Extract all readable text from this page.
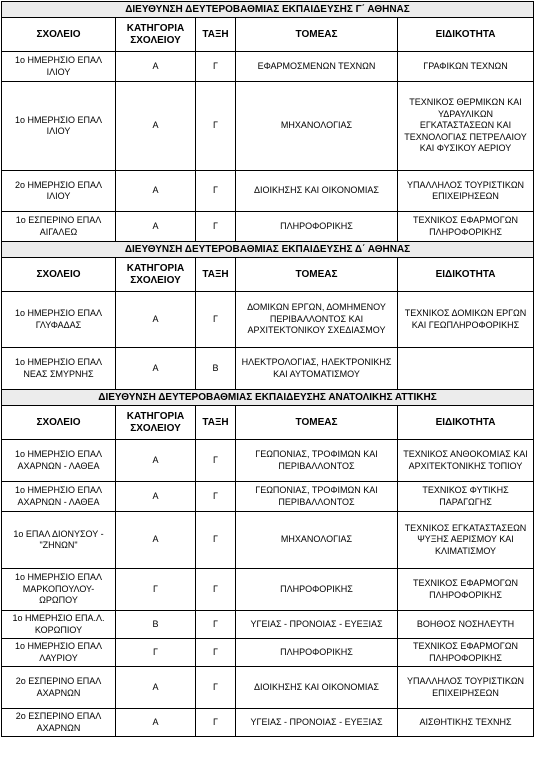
ΔΙΕΥΘΥΝΣΗ ΔΕΥΤΕΡΟΒΑΘΜΙΑΣ ΕΚΠΑΙΔΕΥΣΗΣ Γ΄ ΑΘΗΝΑΣ				
ΣΧΟΛΕΙΟ	ΚΑΤΗΓΟΡΙΑ ΣΧΟΛΕΙΟΥ	ΤΑΞΗ	ΤΟΜΕΑΣ	ΕΙΔΙΚΟΤΗΤΑ
1ο ΗΜΕΡΗΣΙΟ ΕΠΑΛ ΙΛΙΟΥ	Α	Γ	ΕΦΑΡΜΟΣΜΕΝΩΝ ΤΕΧΝΩΝ	ΓΡΑΦΙΚΩΝ ΤΕΧΝΩΝ
1ο ΗΜΕΡΗΣΙΟ ΕΠΑΛ ΙΛΙΟΥ	Α	Γ	ΜΗΧΑΝΟΛΟΓΙΑΣ	ΤΕΧΝΙΚΟΣ ΘΕΡΜΙΚΩΝ ΚΑΙ ΥΔΡΑΥΛΙΚΩΝ ΕΓΚΑΤΑΣΤΑΣΕΩΝ ΚΑΙ ΤΕΧΝΟΛΟΓΙΑΣ ΠΕΤΡΕΛΑΙΟΥ ΚΑΙ ΦΥΣΙΚΟΥ ΑΕΡΙΟΥ
2ο ΗΜΕΡΗΣΙΟ ΕΠΑΛ ΙΛΙΟΥ	Α	Γ	ΔΙΟΙΚΗΣΗΣ ΚΑΙ ΟΙΚΟΝΟΜΙΑΣ	ΥΠΑΛΛΗΛΟΣ ΤΟΥΡΙΣΤΙΚΩΝ ΕΠΙΧΕΙΡΗΣΕΩΝ
1ο ΕΣΠΕΡΙΝΟ ΕΠΑΛ ΑΙΓΑΛΕΩ	Α	Γ	ΠΛΗΡΟΦΟΡΙΚΗΣ	ΤΕΧΝΙΚΟΣ ΕΦΑΡΜΟΓΩΝ ΠΛΗΡΟΦΟΡΙΚΗΣ
ΔΙΕΥΘΥΝΣΗ ΔΕΥΤΕΡΟΒΑΘΜΙΑΣ ΕΚΠΑΙΔΕΥΣΗΣ Δ΄ ΑΘΗΝΑΣ				
ΣΧΟΛΕΙΟ	ΚΑΤΗΓΟΡΙΑ ΣΧΟΛΕΙΟΥ	ΤΑΞΗ	ΤΟΜΕΑΣ	ΕΙΔΙΚΟΤΗΤΑ
1ο ΗΜΕΡΗΣΙΟ ΕΠΑΛ ΓΛΥΦΑΔΑΣ	Α	Γ	ΔΟΜΙΚΩΝ ΕΡΓΩΝ, ΔΟΜΗΜΕΝΟΥ ΠΕΡΙΒΑΛΛΟΝΤΟΣ ΚΑΙ ΑΡΧΙΤΕΚΤΟΝΙΚΟΥ ΣΧΕΔΙΑΣΜΟΥ	ΤΕΧΝΙΚΟΣ ΔΟΜΙΚΩΝ ΕΡΓΩΝ ΚΑΙ ΓΕΩΠΛΗΡΟΦΟΡΙΚΗΣ
1ο ΗΜΕΡΗΣΙΟ ΕΠΑΛ ΝΕΑΣ ΣΜΥΡΝΗΣ	Α	Β	ΗΛΕΚΤΡΟΛΟΓΙΑΣ, ΗΛΕΚΤΡΟΝΙΚΗΣ ΚΑΙ ΑΥΤΟΜΑΤΙΣΜΟΥ	
ΔΙΕΥΘΥΝΣΗ ΔΕΥΤΕΡΟΒΑΘΜΙΑΣ ΕΚΠΑΙΔΕΥΣΗΣ ΑΝΑΤΟΛΙΚΗΣ ΑΤΤΙΚΗΣ				
ΣΧΟΛΕΙΟ	ΚΑΤΗΓΟΡΙΑ ΣΧΟΛΕΙΟΥ	ΤΑΞΗ	ΤΟΜΕΑΣ	ΕΙΔΙΚΟΤΗΤΑ
1ο ΗΜΕΡΗΣΙΟ ΕΠΑΛ ΑΧΑΡΝΩΝ - ΛΑΘΕΑ	Α	Γ	ΓΕΩΠΟΝΙΑΣ, ΤΡΟΦΙΜΩΝ ΚΑΙ ΠΕΡΙΒΑΛΛΟΝΤΟΣ	ΤΕΧΝΙΚΟΣ ΑΝΘΟΚΟΜΙΑΣ ΚΑΙ ΑΡΧΙΤΕΚΤΟΝΙΚΗΣ ΤΟΠΙΟΥ
1ο ΗΜΕΡΗΣΙΟ ΕΠΑΛ ΑΧΑΡΝΩΝ - ΛΑΘΕΑ	Α	Γ	ΓΕΩΠΟΝΙΑΣ, ΤΡΟΦΙΜΩΝ ΚΑΙ ΠΕΡΙΒΑΛΛΟΝΤΟΣ	ΤΕΧΝΙΚΟΣ ΦΥΤΙΚΗΣ ΠΑΡΑΓΩΓΗΣ
1ο ΕΠΑΛ ΔΙΟΝΥΣΟΥ - "ΖΗΝΩΝ"	Α	Γ	ΜΗΧΑΝΟΛΟΓΙΑΣ	ΤΕΧΝΙΚΟΣ ΕΓΚΑΤΑΣΤΑΣΕΩΝ ΨΥΞΗΣ ΑΕΡΙΣΜΟΥ ΚΑΙ ΚΛΙΜΑΤΙΣΜΟΥ
1ο ΗΜΕΡΗΣΙΟ ΕΠΑΛ ΜΑΡΚΟΠΟΥΛΟΥ-ΩΡΩΠΟΥ	Γ	Γ	ΠΛΗΡΟΦΟΡΙΚΗΣ	ΤΕΧΝΙΚΟΣ ΕΦΑΡΜΟΓΩΝ ΠΛΗΡΟΦΟΡΙΚΗΣ
1ο ΗΜΕΡΗΣΙΟ ΕΠΑ.Λ. ΚΟΡΩΠΙΟΥ	Β	Γ	ΥΓΕΙΑΣ - ΠΡΟΝΟΙΑΣ - ΕΥΕΞΙΑΣ	ΒΟΗΘΟΣ ΝΟΣΗΛΕΥΤΗ
1ο ΗΜΕΡΗΣΙΟ ΕΠΑΛ ΛΑΥΡΙΟΥ	Γ	Γ	ΠΛΗΡΟΦΟΡΙΚΗΣ	ΤΕΧΝΙΚΟΣ ΕΦΑΡΜΟΓΩΝ ΠΛΗΡΟΦΟΡΙΚΗΣ
2ο ΕΣΠΕΡΙΝΟ ΕΠΑΛ ΑΧΑΡΝΩΝ	Α	Γ	ΔΙΟΙΚΗΣΗΣ ΚΑΙ ΟΙΚΟΝΟΜΙΑΣ	ΥΠΑΛΛΗΛΟΣ ΤΟΥΡΙΣΤΙΚΩΝ ΕΠΙΧΕΙΡΗΣΕΩΝ
2ο ΕΣΠΕΡΙΝΟ ΕΠΑΛ ΑΧΑΡΝΩΝ	Α	Γ	ΥΓΕΙΑΣ - ΠΡΟΝΟΙΑΣ - ΕΥΕΞΙΑΣ	ΑΙΣΘΗΤΙΚΗΣ ΤΕΧΝΗΣ
